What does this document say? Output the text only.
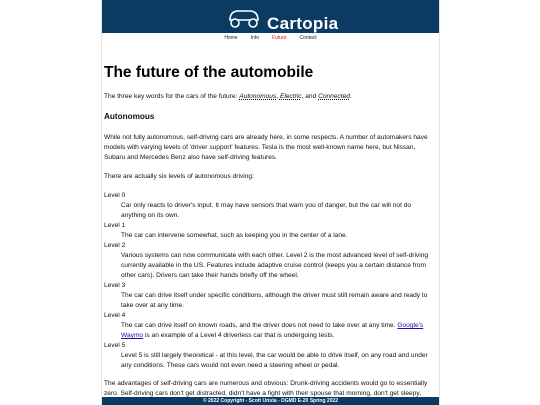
Cartopia
Home	Info	Future	Contact
The future of the automobile

The three key words for the cars of the future: Autonomous, Electric, and Connected.

Autonomous

While not fully autonomous, self-driving cars are already here, in some respects. A number of automakers have models with varying levels of 'driver support' features. Tesla is the most well-known name here, but Nissan, Subaru and Mercedes Benz also have self-driving features.

There are actually six levels of autonomous driving:

Level 0
Car only reacts to driver's input. It may have sensors that warn you of danger, but the car will not do anything on its own.
Level 1
The car can intervene somewhat, such as keeping you in the center of a lane.
Level 2
Various systems can now communicate with each other. Level 2 is the most advanced level of self-driving currently available in the US. Features include adaptive cruise control (keeps you a certain distance from other cars). Drivers can take their hands briefly off the wheel.
Level 3
The car can drive itself under specific conditions, although the driver must still remain aware and ready to take over at any time.
Level 4
The car can drive itself on known roads, and the driver does not need to take over at any time. Google's Waymo is an example of a Level 4 driverless car that is undergoing tests.
Level 5
Level 5 is still largely theoretical - at this level, the car would be able to drive itself, on any road and under any conditions. These cars would not even need a steering wheel or pedal.

The advantages of self-driving cars are numerous and obvious: Drunk-driving accidents would go to essentially zero. Self-driving cars don't get distracted, didn't have a fight with their spouse that morning, don't get sleepy,

© 2022 Copyright - Scott Urista - DGMD E-20 Spring 2022
